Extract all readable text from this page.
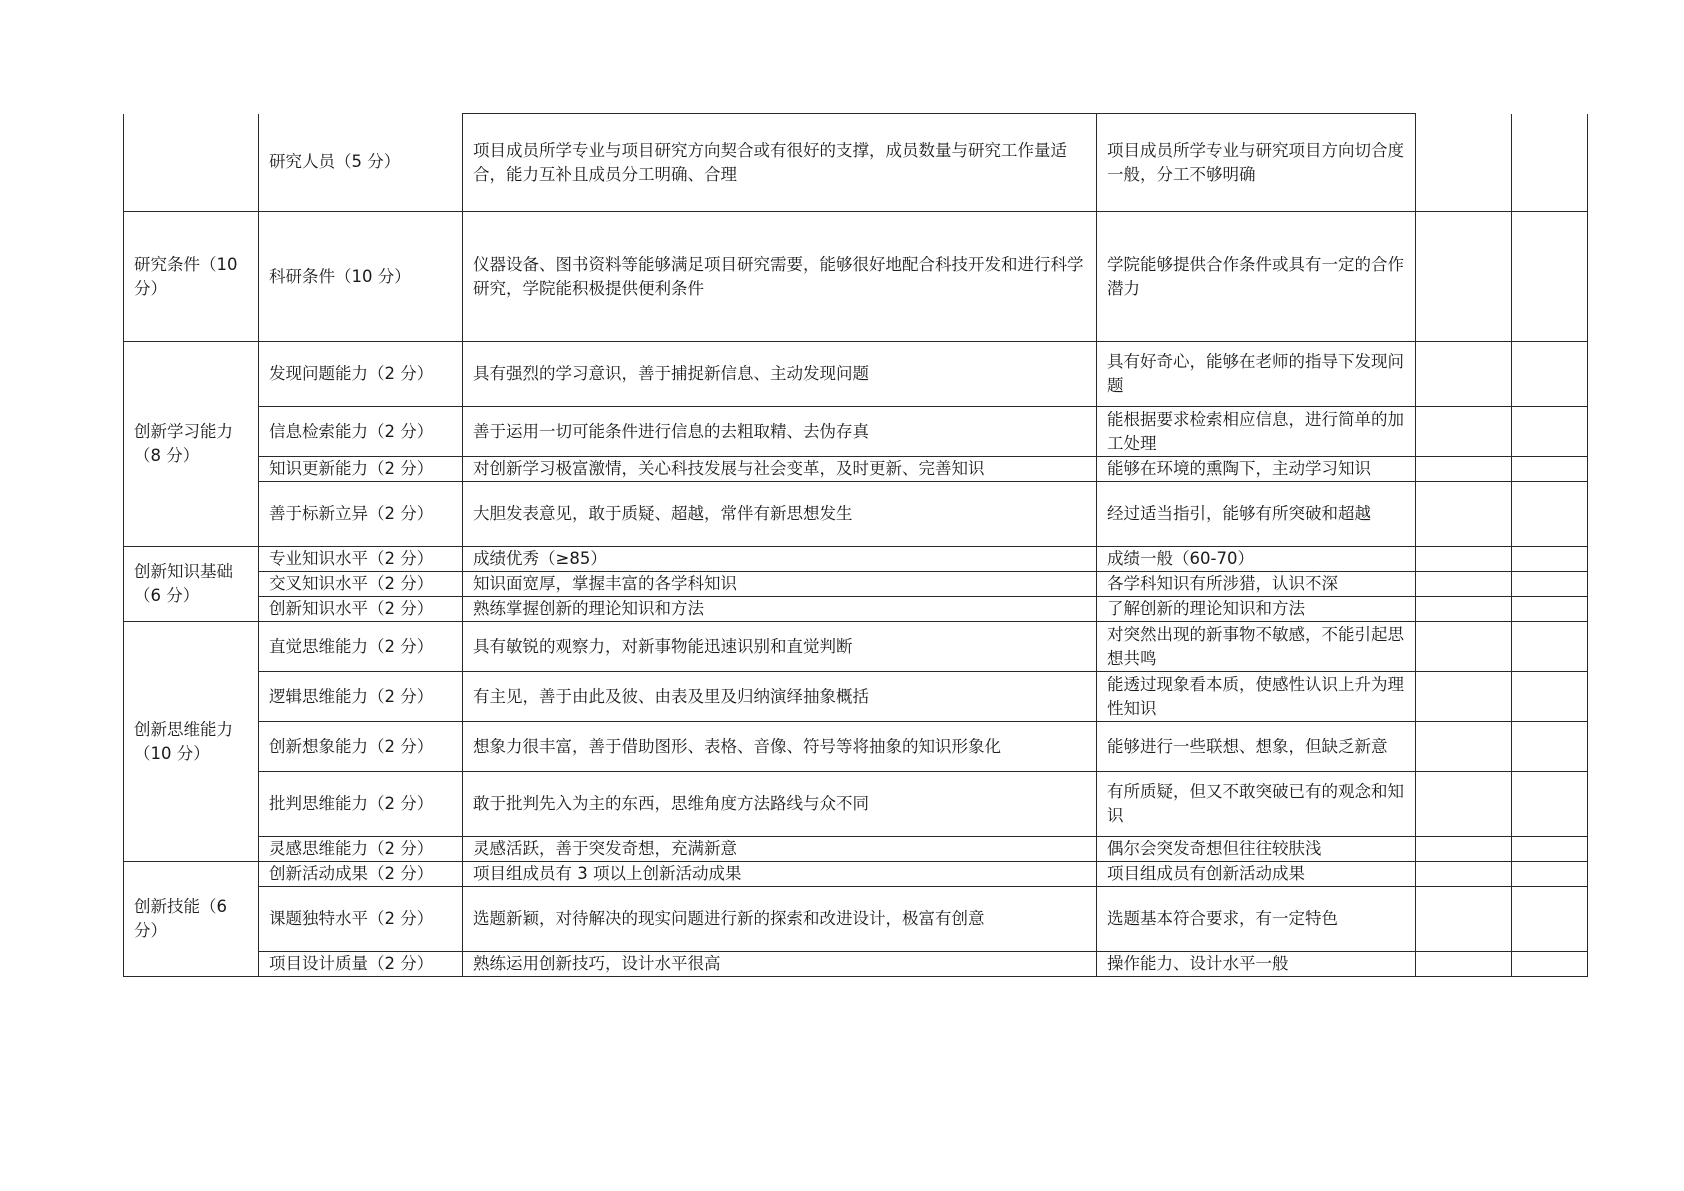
	研究人员（5 分）	项目成员所学专业与项目研究方向契合或有很好的支撑，成员数量与研究工作量适合，能力互补且成员分工明确、合理	项目成员所学专业与研究项目方向切合度一般，分工不够明确		
研究条件（10 分）	科研条件（10 分）	仪器设备、图书资料等能够满足项目研究需要，能够很好地配合科技开发和进行科学研究，学院能积极提供便利条件	学院能够提供合作条件或具有一定的合作潜力		
创新学习能力（8 分）	发现问题能力（2 分）	具有强烈的学习意识，善于捕捉新信息、主动发现问题	具有好奇心，能够在老师的指导下发现问题		
	信息检索能力（2 分）	善于运用一切可能条件进行信息的去粗取精、去伪存真	能根据要求检索相应信息，进行简单的加工处理		
	知识更新能力（2 分）	对创新学习极富激情，关心科技发展与社会变革，及时更新、完善知识	能够在环境的熏陶下，主动学习知识		
	善于标新立异（2 分）	大胆发表意见，敢于质疑、超越，常伴有新思想发生	经过适当指引，能够有所突破和超越		
创新知识基础（6 分）	专业知识水平（2 分）	成绩优秀（≥85）	成绩一般（60-70）		
	交叉知识水平（2 分）	知识面宽厚，掌握丰富的各学科知识	各学科知识有所涉猎，认识不深		
	创新知识水平（2 分）	熟练掌握创新的理论知识和方法	了解创新的理论知识和方法		
创新思维能力（10 分）	直觉思维能力（2 分）	具有敏锐的观察力，对新事物能迅速识别和直觉判断	对突然出现的新事物不敏感，不能引起思想共鸣		
	逻辑思维能力（2 分）	有主见，善于由此及彼、由表及里及归纳演绎抽象概括	能透过现象看本质，使感性认识上升为理性知识		
	创新想象能力（2 分）	想象力很丰富，善于借助图形、表格、音像、符号等将抽象的知识形象化	能够进行一些联想、想象，但缺乏新意		
	批判思维能力（2 分）	敢于批判先入为主的东西，思维角度方法路线与众不同	有所质疑，但又不敢突破已有的观念和知识		
	灵感思维能力（2 分）	灵感活跃，善于突发奇想，充满新意	偶尔会突发奇想但往往较肤浅		
创新技能（6 分）	创新活动成果（2 分）	项目组成员有 3 项以上创新活动成果	项目组成员有创新活动成果		
	课题独特水平（2 分）	选题新颖，对待解决的现实问题进行新的探索和改进设计，极富有创意	选题基本符合要求，有一定特色		
	项目设计质量（2 分）	熟练运用创新技巧，设计水平很高	操作能力、设计水平一般		
